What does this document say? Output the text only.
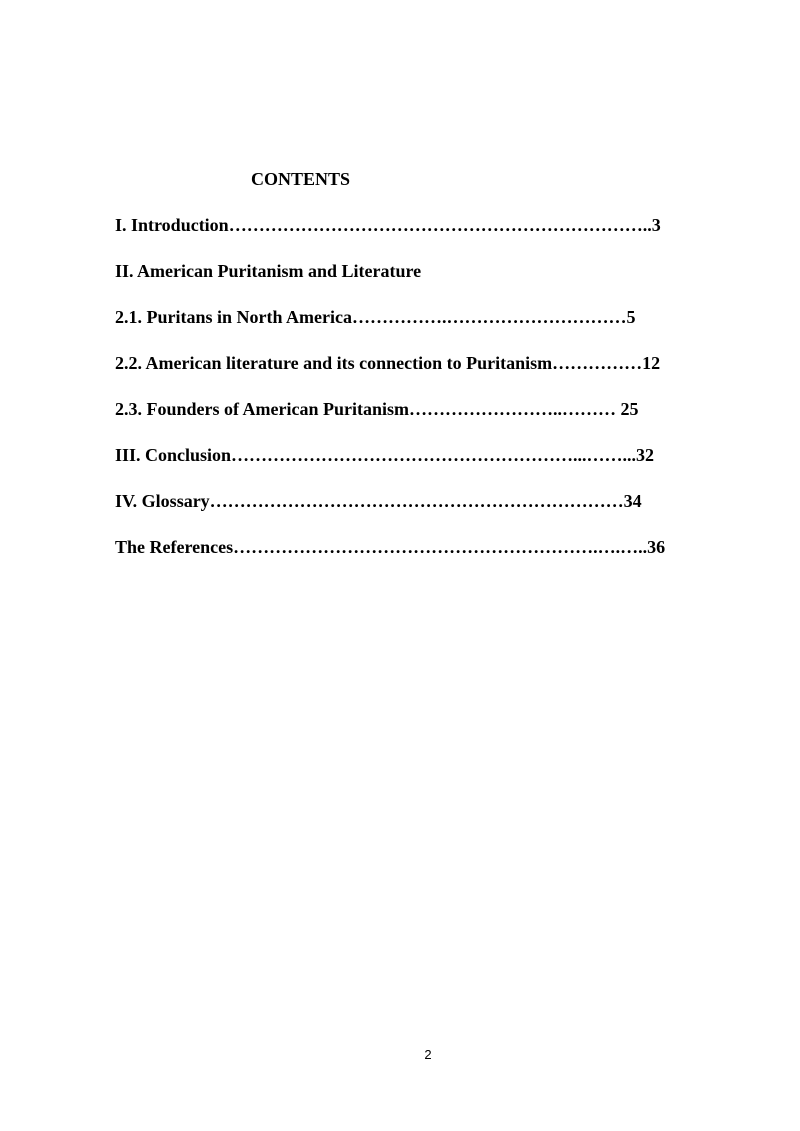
CONTENTS
I. Introduction……………………………………………………………..3
II. American Puritanism and Literature
2.1. Puritans in North America…………….…………………………5
2.2. American literature and its connection to Puritanism……………12
2.3. Founders of American Puritanism……………………..……… 25
III. Conclusion…………………………………………………...……...32
IV. Glossary……………………………………………………………34
The References…………………………………………………….….…..36
2
